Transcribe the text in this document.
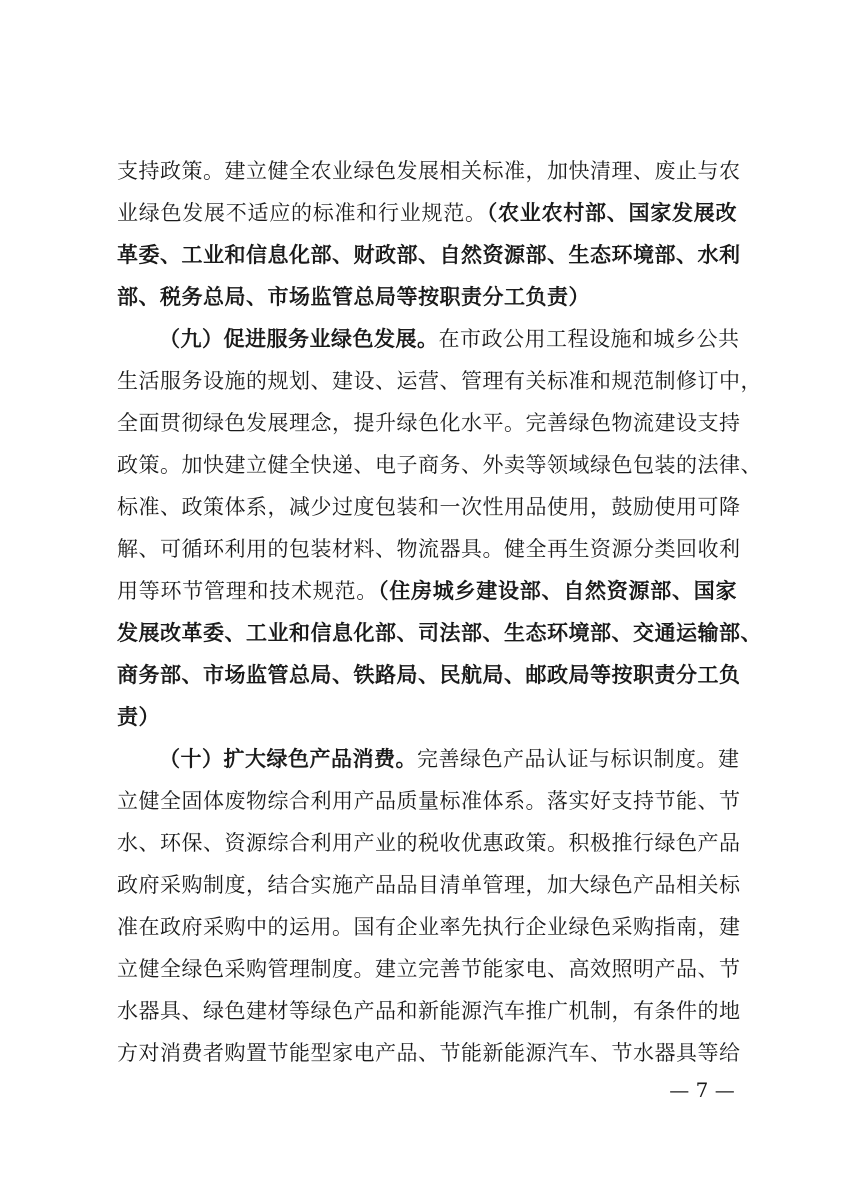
支持政策。建立健全农业绿色发展相关标准，加快清理、废止与农
业绿色发展不适应的标准和行业规范。（农业农村部、国家发展改
革委、工业和信息化部、财政部、自然资源部、生态环境部、水利
部、税务总局、市场监管总局等按职责分工负责）
（九）促进服务业绿色发展。在市政公用工程设施和城乡公共
生活服务设施的规划、建设、运营、管理有关标准和规范制修订中，
全面贯彻绿色发展理念，提升绿色化水平。完善绿色物流建设支持
政策。加快建立健全快递、电子商务、外卖等领域绿色包装的法律、
标准、政策体系，减少过度包装和一次性用品使用，鼓励使用可降
解、可循环利用的包装材料、物流器具。健全再生资源分类回收利
用等环节管理和技术规范。（住房城乡建设部、自然资源部、国家
发展改革委、工业和信息化部、司法部、生态环境部、交通运输部、
商务部、市场监管总局、铁路局、民航局、邮政局等按职责分工负
责）
（十）扩大绿色产品消费。完善绿色产品认证与标识制度。建
立健全固体废物综合利用产品质量标准体系。落实好支持节能、节
水、环保、资源综合利用产业的税收优惠政策。积极推行绿色产品
政府采购制度，结合实施产品品目清单管理，加大绿色产品相关标
准在政府采购中的运用。国有企业率先执行企业绿色采购指南，建
立健全绿色采购管理制度。建立完善节能家电、高效照明产品、节
水器具、绿色建材等绿色产品和新能源汽车推广机制，有条件的地
方对消费者购置节能型家电产品、节能新能源汽车、节水器具等给
— 7 —
